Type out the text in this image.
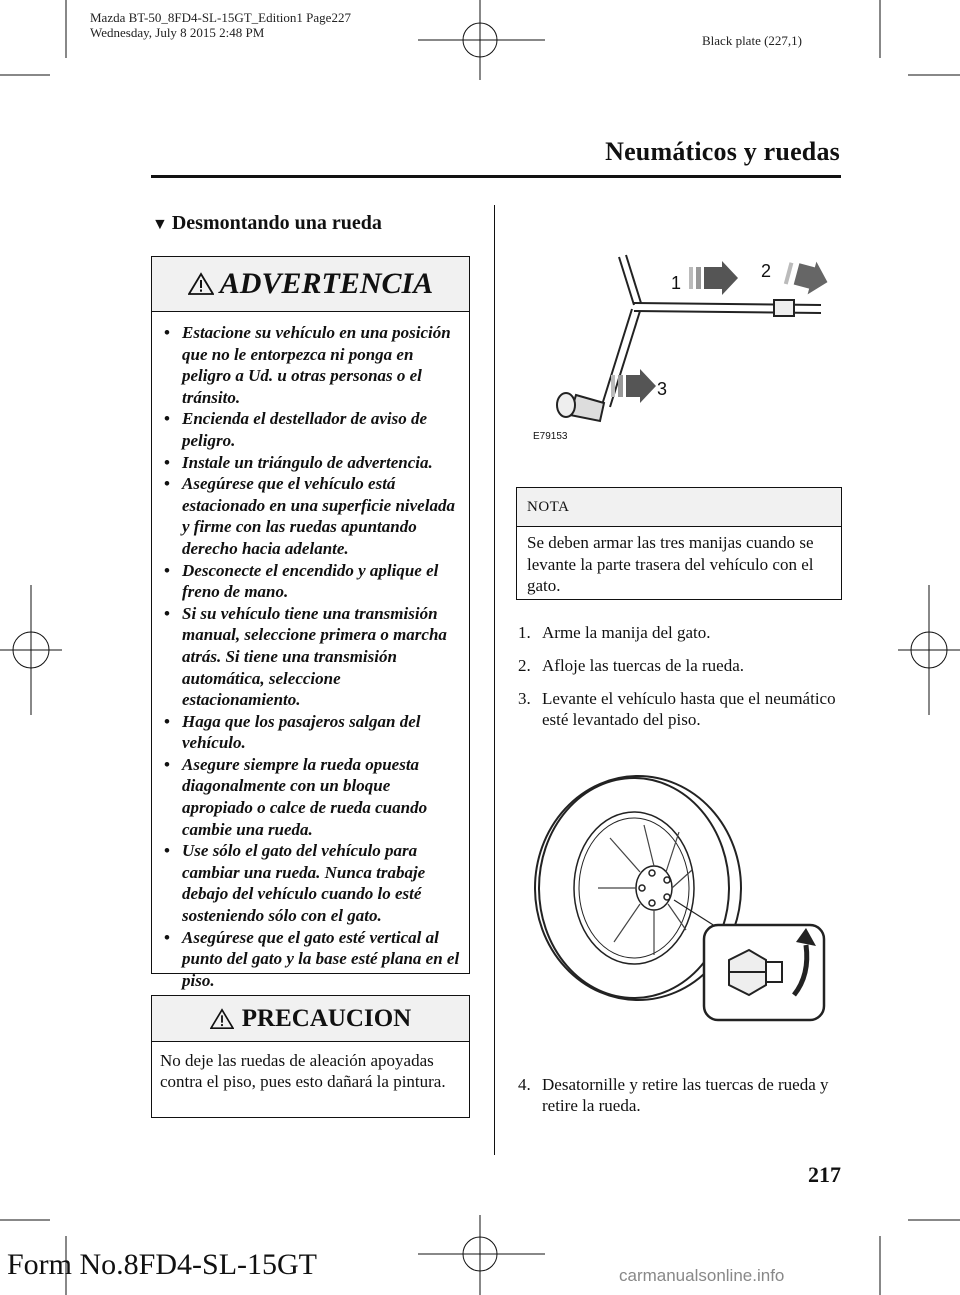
Mazda BT-50_8FD4-SL-15GT_Edition1 Page227
Wednesday, July 8 2015 2:48 PM
Black plate (227,1)
Neumáticos y ruedas
▼ Desmontando una rueda
ADVERTENCIA
• Estacione su vehículo en una posición que no le entorpezca ni ponga en peligro a Ud. u otras personas o el tránsito.
• Encienda el destellador de aviso de peligro.
• Instale un triángulo de advertencia.
• Asegúrese que el vehículo está estacionado en una superficie nivelada y firme con las ruedas apuntando derecho hacia adelante.
• Desconecte el encendido y aplique el freno de mano.
• Si su vehículo tiene una transmisión manual, seleccione primera o marcha atrás. Si tiene una transmisión automática, seleccione estacionamiento.
• Haga que los pasajeros salgan del vehículo.
• Asegure siempre la rueda opuesta diagonalmente con un bloque apropiado o calce de rueda cuando cambie una rueda.
• Use sólo el gato del vehículo para cambiar una rueda. Nunca trabaje debajo del vehículo cuando lo esté sosteniendo sólo con el gato.
• Asegúrese que el gato esté vertical al punto del gato y la base esté plana en el piso.
PRECAUCION
No deje las ruedas de aleación apoyadas contra el piso, pues esto dañará la pintura.
1
2
3
E79153
NOTA
Se deben armar las tres manijas cuando se levante la parte trasera del vehículo con el gato.
1. Arme la manija del gato.
2. Afloje las tuercas de la rueda.
3. Levante el vehículo hasta que el neumático esté levantado del piso.
4. Desatornille y retire las tuercas de rueda y retire la rueda.
217
Form No.8FD4-SL-15GT	carmanualsonline.info
